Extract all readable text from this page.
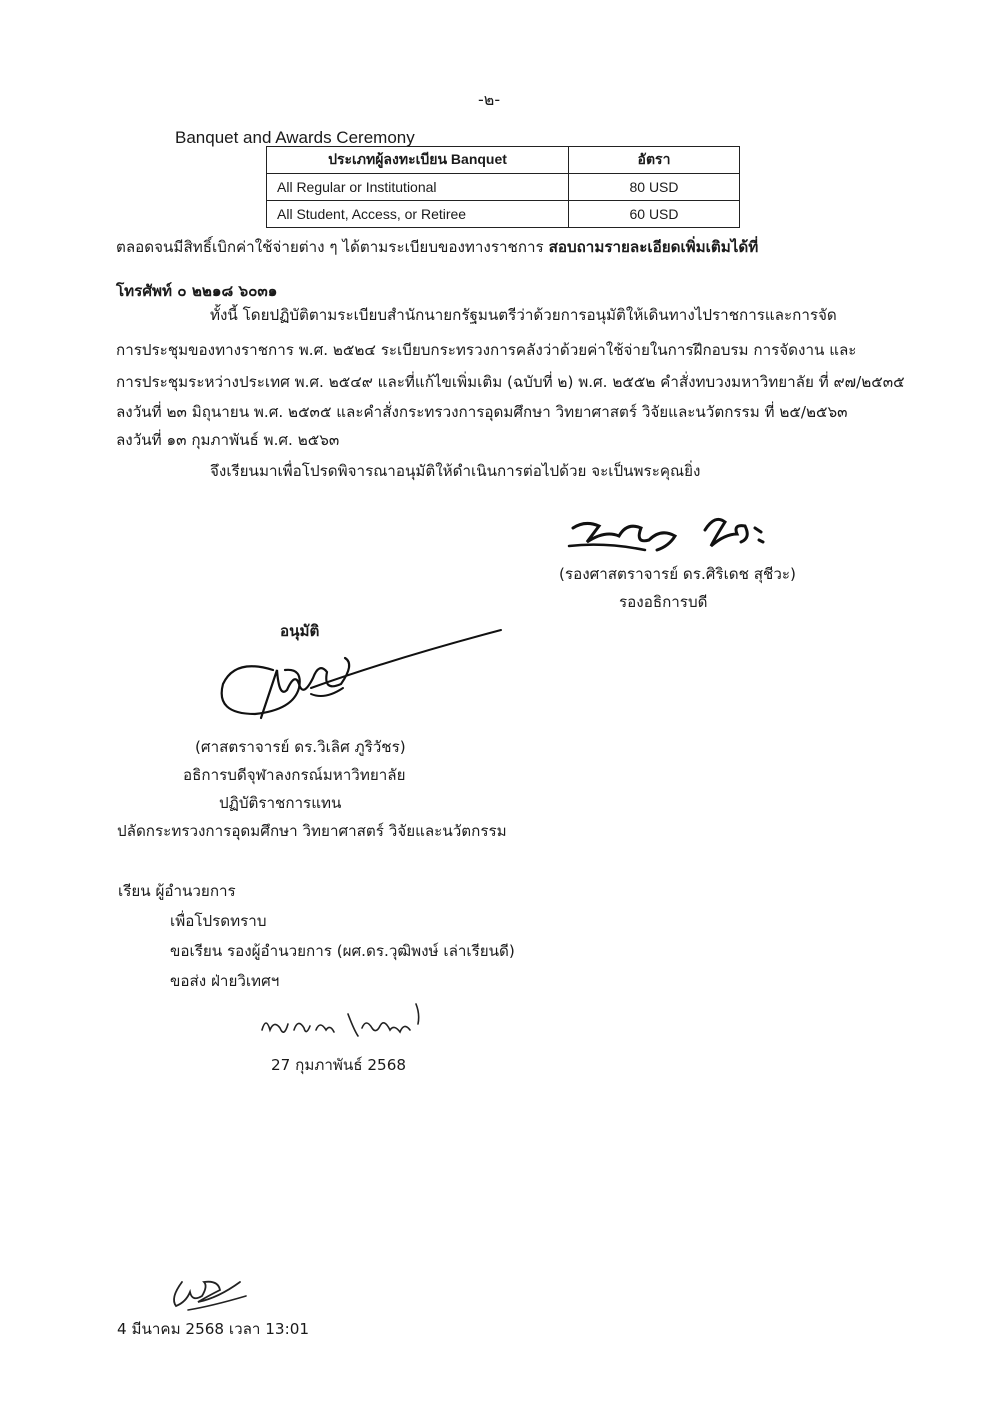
-๒-
Banquet and Awards Ceremony
ประเภทผู้ลงทะเบียน Banquet	อัตรา
All Regular or Institutional	80 USD
All Student, Access, or Retiree	60 USD
ตลอดจนมีสิทธิ์เบิกค่าใช้จ่ายต่าง ๆ ได้ตามระเบียบของทางราชการ สอบถามรายละเอียดเพิ่มเติมได้ที่
โทรศัพท์ ๐ ๒๒๑๘ ๖๐๓๑
ทั้งนี้ โดยปฏิบัติตามระเบียบสำนักนายกรัฐมนตรีว่าด้วยการอนุมัติให้เดินทางไปราชการและการจัด
การประชุมของทางราชการ พ.ศ. ๒๕๒๔ ระเบียบกระทรวงการคลังว่าด้วยค่าใช้จ่ายในการฝึกอบรม การจัดงาน และ
การประชุมระหว่างประเทศ พ.ศ. ๒๕๔๙ และที่แก้ไขเพิ่มเติม (ฉบับที่ ๒) พ.ศ. ๒๕๕๒ คำสั่งทบวงมหาวิทยาลัย ที่ ๙๗/๒๕๓๕
ลงวันที่ ๒๓ มิถุนายน พ.ศ. ๒๕๓๕ และคำสั่งกระทรวงการอุดมศึกษา วิทยาศาสตร์ วิจัยและนวัตกรรม ที่ ๒๕/๒๕๖๓
ลงวันที่ ๑๓ กุมภาพันธ์ พ.ศ. ๒๕๖๓
จึงเรียนมาเพื่อโปรดพิจารณาอนุมัติให้ดำเนินการต่อไปด้วย จะเป็นพระคุณยิ่ง
(รองศาสตราจารย์ ดร.ศิริเดช สุชีวะ)
รองอธิการบดี
อนุมัติ
(ศาสตราจารย์ ดร.วิเลิศ ภูริวัชร)
อธิการบดีจุฬาลงกรณ์มหาวิทยาลัย
ปฏิบัติราชการแทน
ปลัดกระทรวงการอุดมศึกษา วิทยาศาสตร์ วิจัยและนวัตกรรม
เรียน ผู้อำนวยการ
เพื่อโปรดทราบ
ขอเรียน รองผู้อำนวยการ (ผศ.ดร.วุฒิพงษ์ เล่าเรียนดี)
ขอส่ง ฝ่ายวิเทศฯ
27 กุมภาพันธ์ 2568
4 มีนาคม 2568 เวลา 13:01
